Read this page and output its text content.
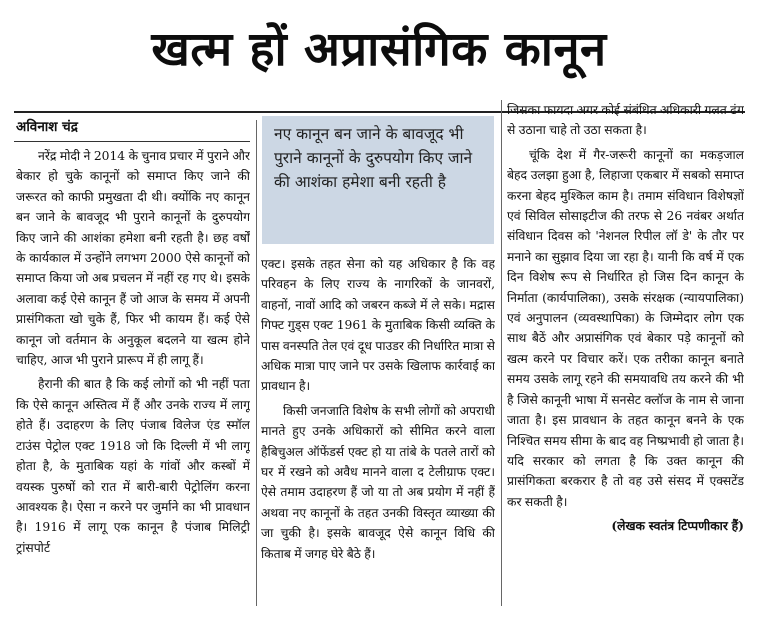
खत्म हों अप्रासंगिक कानून
अविनाश चंद्र

नरेंद्र मोदी ने 2014 के चुनाव प्रचार में पुराने और बेकार हो चुके कानूनों को समाप्त किए जाने की जरूरत को काफी प्रमुखता दी थी। क्योंकि नए कानून बन जाने के बावजूद भी पुराने कानूनों के दुरुपयोग किए जाने की आशंका हमेशा बनी रहती है। छह वर्षों के कार्यकाल में उन्होंने लगभग 2000 ऐसे कानूनों को समाप्त किया जो अब प्रचलन में नहीं रह गए थे। इसके अलावा कई ऐसे कानून हैं जो आज के समय में अपनी प्रासंगिकता खो चुके हैं, फिर भी कायम हैं। कई ऐसे कानून जो वर्तमान के अनुकूल बदलने या खत्म होने चाहिए, आज भी पुराने प्रारूप में ही लागू हैं।

हैरानी की बात है कि कई लोगों को भी नहीं पता कि ऐसे कानून अस्तित्व में हैं और उनके राज्य में लागू होते हैं। उदाहरण के लिए पंजाब विलेज एंड स्मॉल टाउंस पेट्रोल एक्ट 1918 जो कि दिल्ली में भी लागू होता है, के मुताबिक यहां के गांवों और कस्बों में वयस्क पुरुषों को रात में बारी-बारी पेट्रोलिंग करना आवश्यक है। ऐसा न करने पर जुर्माने का भी प्रावधान है। 1916 में लागू एक कानून है पंजाब मिलिट्री ट्रांसपोर्ट

नए कानून बन जाने के बावजूद भी पुराने कानूनों के दुरुपयोग किए जाने की आशंका हमेशा बनी रहती है

एक्ट। इसके तहत सेना को यह अधिकार है कि वह परिवहन के लिए राज्य के नागरिकों के जानवरों, वाहनों, नावों आदि को जबरन कब्जे में ले सके। मद्रास गिफ्ट गुड्स एक्ट 1961 के मुताबिक किसी व्यक्ति के पास वनस्पति तेल एवं दूध पाउडर की निर्धारित मात्रा से अधिक मात्रा पाए जाने पर उसके खिलाफ कार्रवाई का प्रावधान है।

किसी जनजाति विशेष के सभी लोगों को अपराधी मानते हुए उनके अधिकारों को सीमित करने वाला हैबिचुअल ऑफेंडर्स एक्ट हो या तांबे के पतले तारों को घर में रखने को अवैध मानने वाला द टेलीग्राफ एक्ट। ऐसे तमाम उदाहरण हैं जो या तो अब प्रयोग में नहीं हैं अथवा नए कानूनों के तहत उनकी विस्तृत व्याख्या की जा चुकी है। इसके बावजूद ऐसे कानून विधि की किताब में जगह घेरे बैठे हैं।

जिसका फायदा अगर कोई संबंधित अधिकारी गलत ढंग से उठाना चाहे तो उठा सकता है।

चूंकि देश में गैर-जरूरी कानूनों का मकड़जाल बेहद उलझा हुआ है, लिहाजा एकबार में सबको समाप्त करना बेहद मुश्किल काम है। तमाम संविधान विशेषज्ञों एवं सिविल सोसाइटीज की तरफ से 26 नवंबर अर्थात संविधान दिवस को 'नेशनल रिपील लॉ डे' के तौर पर मनाने का सुझाव दिया जा रहा है। यानी कि वर्ष में एक दिन विशेष रूप से निर्धारित हो जिस दिन कानून के निर्माता (कार्यपालिका), उसके संरक्षक (न्यायपालिका) एवं अनुपालन (व्यवस्थापिका) के जिम्मेदार लोग एक साथ बैठें और अप्रासंगिक एवं बेकार पड़े कानूनों को खत्म करने पर विचार करें। एक तरीका कानून बनाते समय उसके लागू रहने की समयावधि तय करने की भी है जिसे कानूनी भाषा में सनसेट क्लॉज के नाम से जाना जाता है। इस प्रावधान के तहत कानून बनने के एक निश्चित समय सीमा के बाद वह निष्प्रभावी हो जाता है। यदि सरकार को लगता है कि उक्त कानून की प्रासंगिकता बरकरार है तो वह उसे संसद में एक्सटेंड कर सकती है।

(लेखक स्वतंत्र टिप्पणीकार हैं)
